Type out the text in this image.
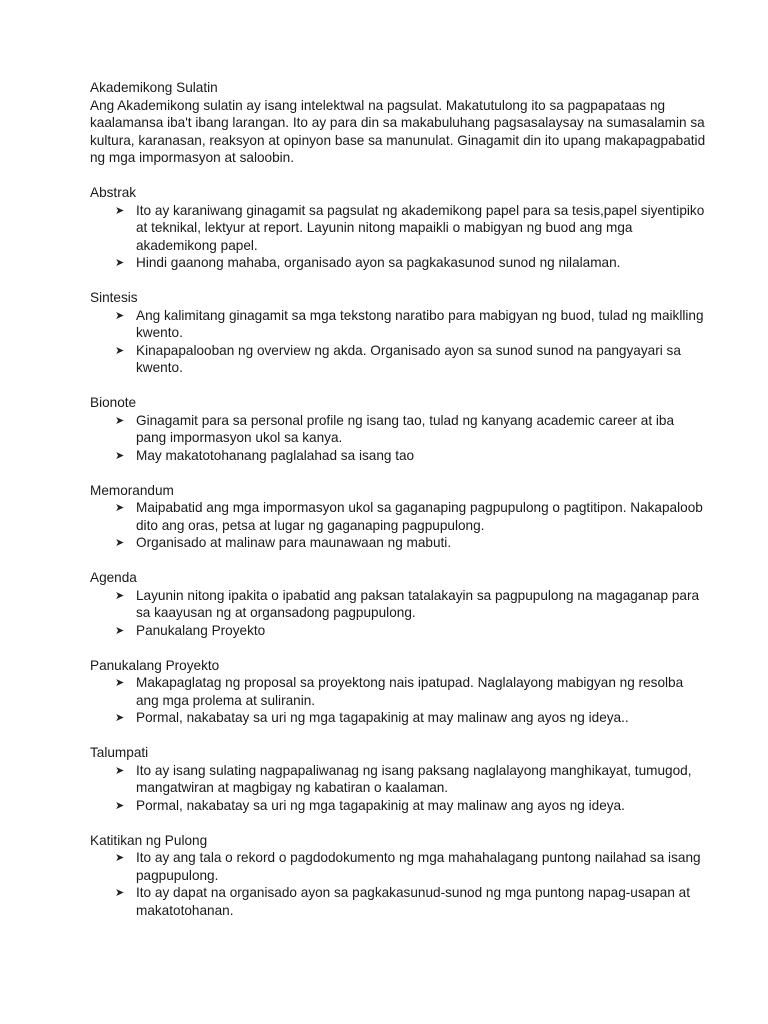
Akademikong Sulatin

Ang Akademikong sulatin ay isang intelektwal na pagsulat. Makatutulong ito sa pagpapataas ng kaalamansa iba't ibang larangan. Ito ay para din sa makabuluhang pagsasalaysay na sumasalamin sa kultura, karanasan, reaksyon at opinyon base sa manunulat. Ginagamit din ito upang makapagpabatid ng mga impormasyon at saloobin.

Abstrak
➤ Ito ay karaniwang ginagamit sa pagsulat ng akademikong papel para sa tesis,papel siyentipiko at teknikal, lektyur at report. Layunin nitong mapaikli o mabigyan ng buod ang mga akademikong papel.
➤ Hindi gaanong mahaba, organisado ayon sa pagkakasunod sunod ng nilalaman.
Sintesis
➤ Ang kalimitang ginagamit sa mga tekstong naratibo para mabigyan ng buod, tulad ng maiklling kwento.
➤ Kinapapalooban ng overview ng akda. Organisado ayon sa sunod sunod na pangyayari sa kwento.
Bionote
➤ Ginagamit para sa personal profile ng isang tao, tulad ng kanyang academic career at iba pang impormasyon ukol sa kanya.
➤ May makatotohanang paglalahad sa isang tao
Memorandum
➤ Maipabatid ang mga impormasyon ukol sa gaganaping pagpupulong o pagtitipon. Nakapaloob dito ang oras, petsa at lugar ng gaganaping pagpupulong.
➤ Organisado at malinaw para maunawaan ng mabuti.
Agenda
➤ Layunin nitong ipakita o ipabatid ang paksan tatalakayin sa pagpupulong na magaganap para sa kaayusan ng at organsadong pagpupulong.
➤ Panukalang Proyekto
Panukalang Proyekto
➤ Makapaglatag ng proposal sa proyektong nais ipatupad. Naglalayong mabigyan ng resolba ang mga prolema at suliranin.
➤ Pormal, nakabatay sa uri ng mga tagapakinig at may malinaw ang ayos ng ideya..
Talumpati
➤ Ito ay isang sulating nagpapaliwanag ng isang paksang naglalayong manghikayat, tumugod, mangatwiran at magbigay ng kabatiran o kaalaman.
➤ Pormal, nakabatay sa uri ng mga tagapakinig at may malinaw ang ayos ng ideya.
Katitikan ng Pulong
➤ Ito ay ang tala o rekord o pagdodokumento ng mga mahahalagang puntong nailahad sa isang pagpupulong.
➤ Ito ay dapat na organisado ayon sa pagkakasunud-sunod ng mga puntong napag-usapan at makatotohanan.
